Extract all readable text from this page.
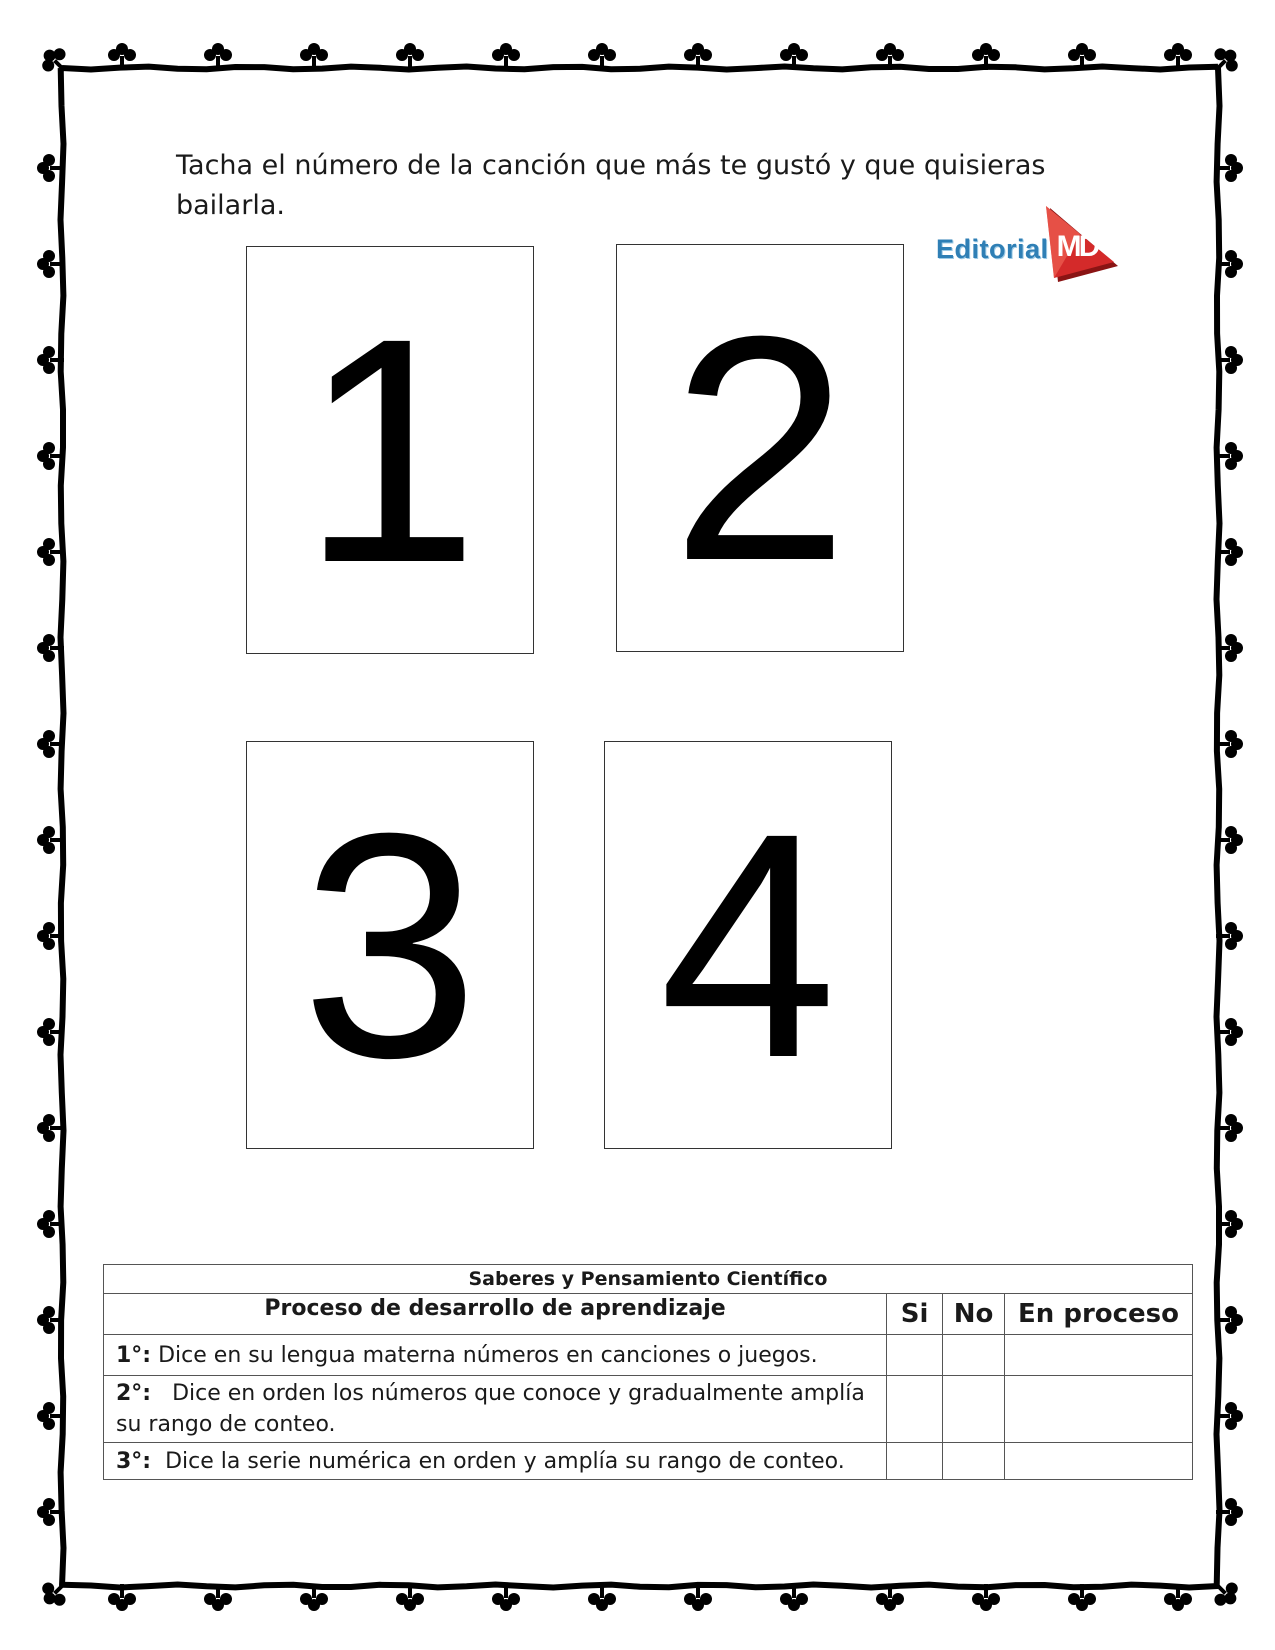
Tacha el número de la canción que más te gustó y que quisieras bailarla.
Editorial MD
1 2
3 4
Saberes y Pensamiento Científico			
Proceso de desarrollo de aprendizaje	Si	No	En proceso
1°: Dice en su lengua materna números en canciones o juegos.			
2°:   Dice en orden los números que conoce y gradualmente amplía su rango de conteo.			
3°:  Dice la serie numérica en orden y amplía su rango de conteo.			
